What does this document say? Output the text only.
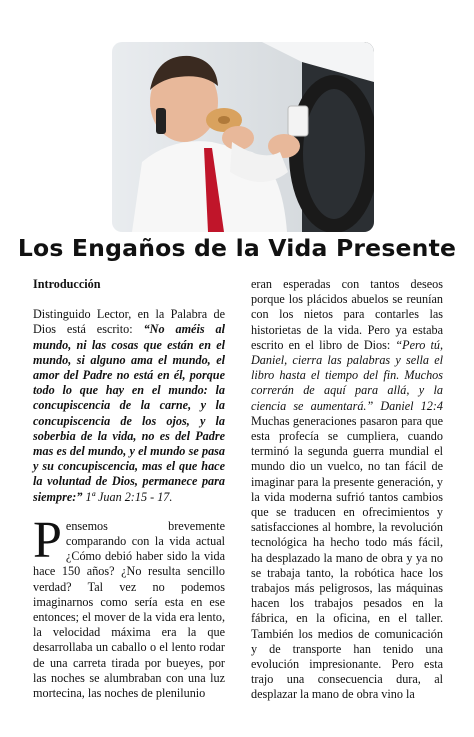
Los Engaños de la Vida Presente

Introducción

Distinguido Lector, en la Palabra de Dios está escrito: “No améis al mundo, ni las cosas que están en el mundo, si alguno ama el mundo, el amor del Padre no está en él, porque todo lo que hay en el mundo: la concupiscencia de la carne, y la concupiscencia de los ojos, y la soberbia de la vida, no es del Padre mas es del mundo, y el mundo se pasa y su concupiscencia, mas el que hace la voluntad de Dios, permanece para siempre:” 1ª Juan 2:15 - 17.

Pensemos brevemente comparando con la vida actual ¿Cómo debió haber sido la vida hace 150 años? ¿No resulta sencillo verdad? Tal vez no podemos imaginarnos como sería esta en ese entonces; el mover de la vida era lento, la velocidad máxima era la que desarrollaba un caballo o el lento rodar de una carreta tirada por bueyes, por las noches se alumbraban con una luz mortecina, las noches de plenilunio

eran esperadas con tantos deseos porque los plácidos abuelos se reunían con los nietos para contarles las historietas de la vida. Pero ya estaba escrito en el libro de Dios: “Pero tú, Daniel, cierra las palabras y sella el libro hasta el tiempo del fin. Muchos correrán de aquí para allá, y la ciencia se aumentará.” Daniel 12:4 Muchas generaciones pasaron para que esta profecía se cumpliera, cuando terminó la segunda guerra mundial el mundo dio un vuelco, no tan fácil de imaginar para la presente generación, y la vida moderna sufrió tantos cambios que se traducen en ofrecimientos y satisfacciones al hombre, la revolución tecnológica ha hecho todo más fácil, ha desplazado la mano de obra y ya no se trabaja tanto, la robótica hace los trabajos más peligrosos, las máquinas hacen los trabajos pesados en la fábrica, en la oficina, en el taller. También los medios de comunicación y de transporte han tenido una evolución impresionante. Pero esta trajo una consecuencia dura, al desplazar la mano de obra vino la
